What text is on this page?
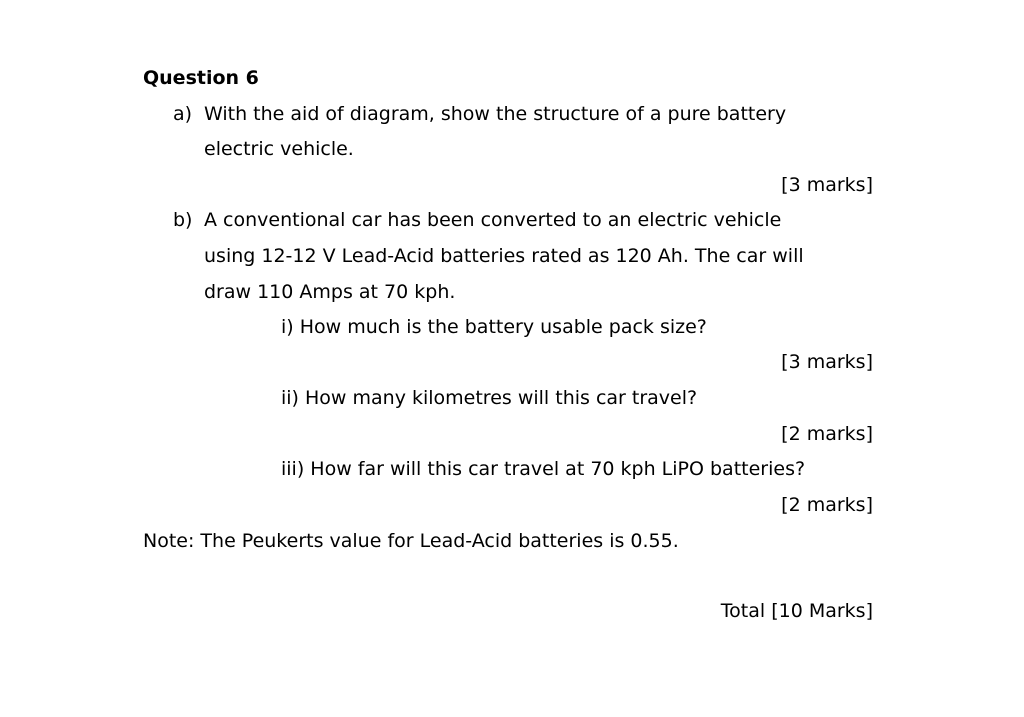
Question 6
a) With the aid of diagram, show the structure of a pure battery
electric vehicle.
[3 marks]
b) A conventional car has been converted to an electric vehicle
using 12-12 V Lead-Acid batteries rated as 120 Ah. The car will
draw 110 Amps at 70 kph.
i) How much is the battery usable pack size?
[3 marks]
ii) How many kilometres will this car travel?
[2 marks]
iii) How far will this car travel at 70 kph LiPO batteries?
[2 marks]
Note: The Peukerts value for Lead-Acid batteries is 0.55.
Total [10 Marks]
